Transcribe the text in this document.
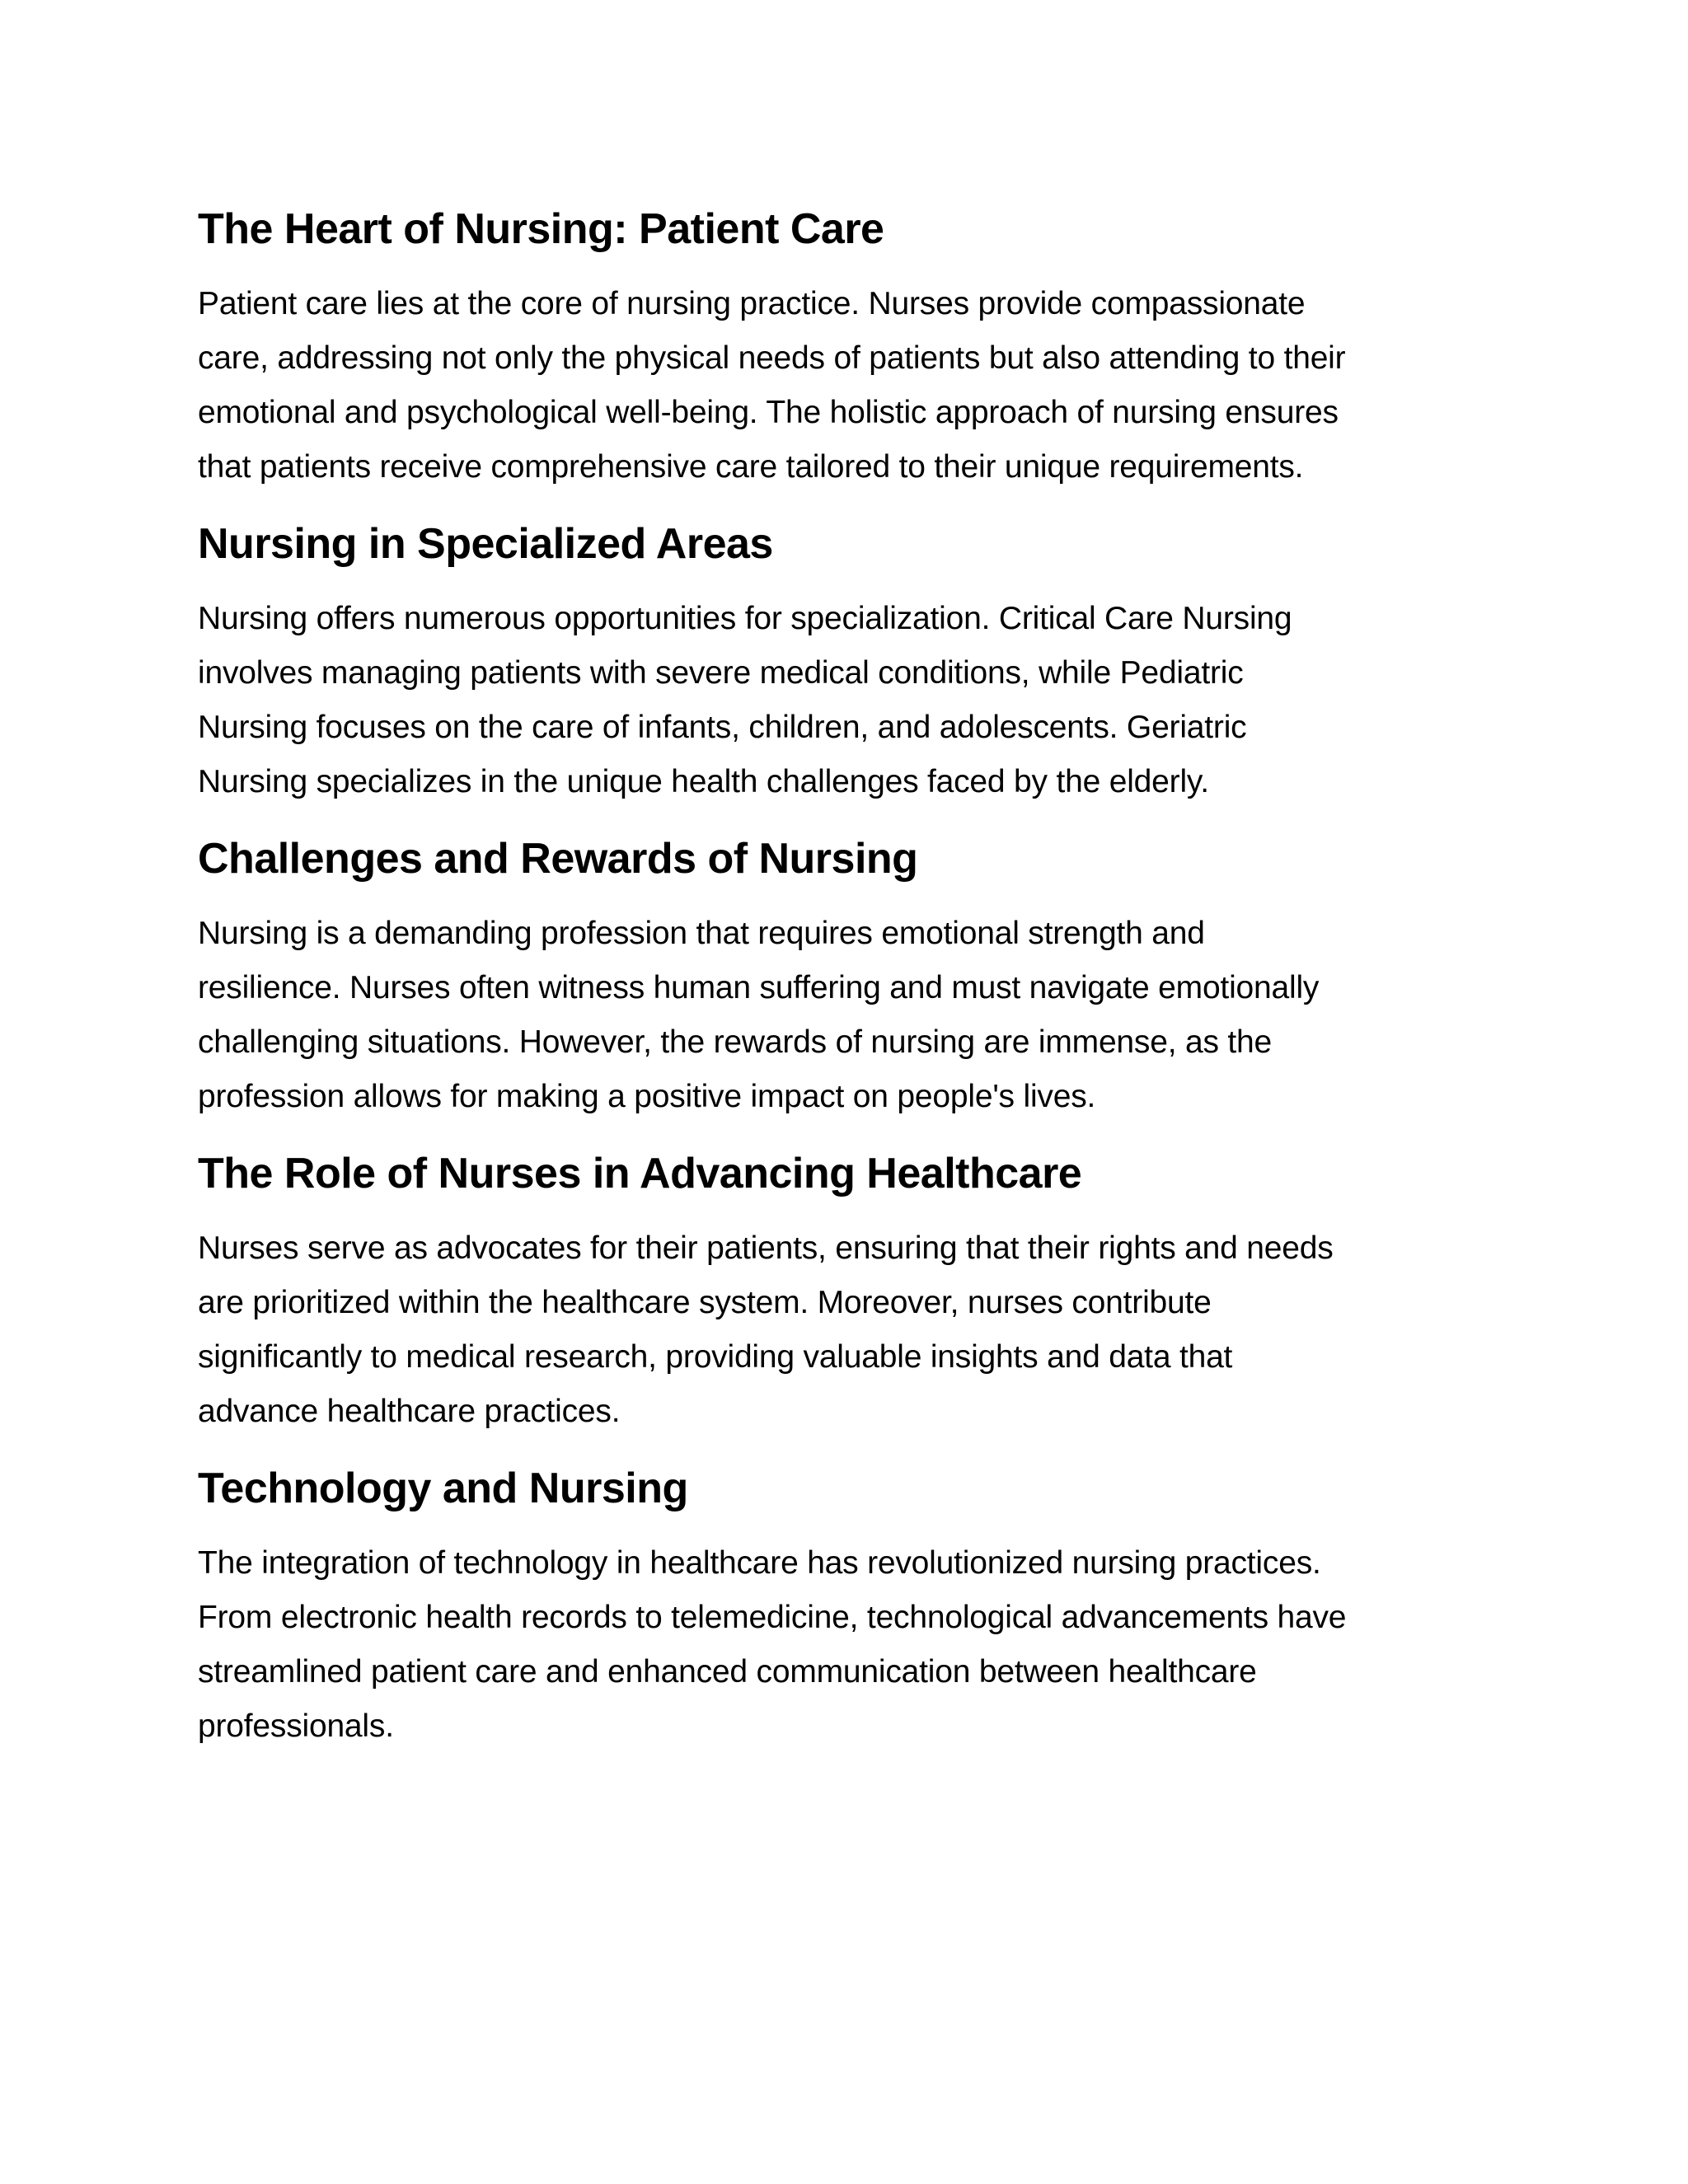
The Heart of Nursing: Patient Care

Patient care lies at the core of nursing practice. Nurses provide compassionate
care, addressing not only the physical needs of patients but also attending to their
emotional and psychological well-being. The holistic approach of nursing ensures
that patients receive comprehensive care tailored to their unique requirements.

Nursing in Specialized Areas

Nursing offers numerous opportunities for specialization. Critical Care Nursing
involves managing patients with severe medical conditions, while Pediatric
Nursing focuses on the care of infants, children, and adolescents. Geriatric
Nursing specializes in the unique health challenges faced by the elderly.

Challenges and Rewards of Nursing

Nursing is a demanding profession that requires emotional strength and
resilience. Nurses often witness human suffering and must navigate emotionally
challenging situations. However, the rewards of nursing are immense, as the
profession allows for making a positive impact on people's lives.

The Role of Nurses in Advancing Healthcare

Nurses serve as advocates for their patients, ensuring that their rights and needs
are prioritized within the healthcare system. Moreover, nurses contribute
significantly to medical research, providing valuable insights and data that
advance healthcare practices.

Technology and Nursing

The integration of technology in healthcare has revolutionized nursing practices.
From electronic health records to telemedicine, technological advancements have
streamlined patient care and enhanced communication between healthcare
professionals.
